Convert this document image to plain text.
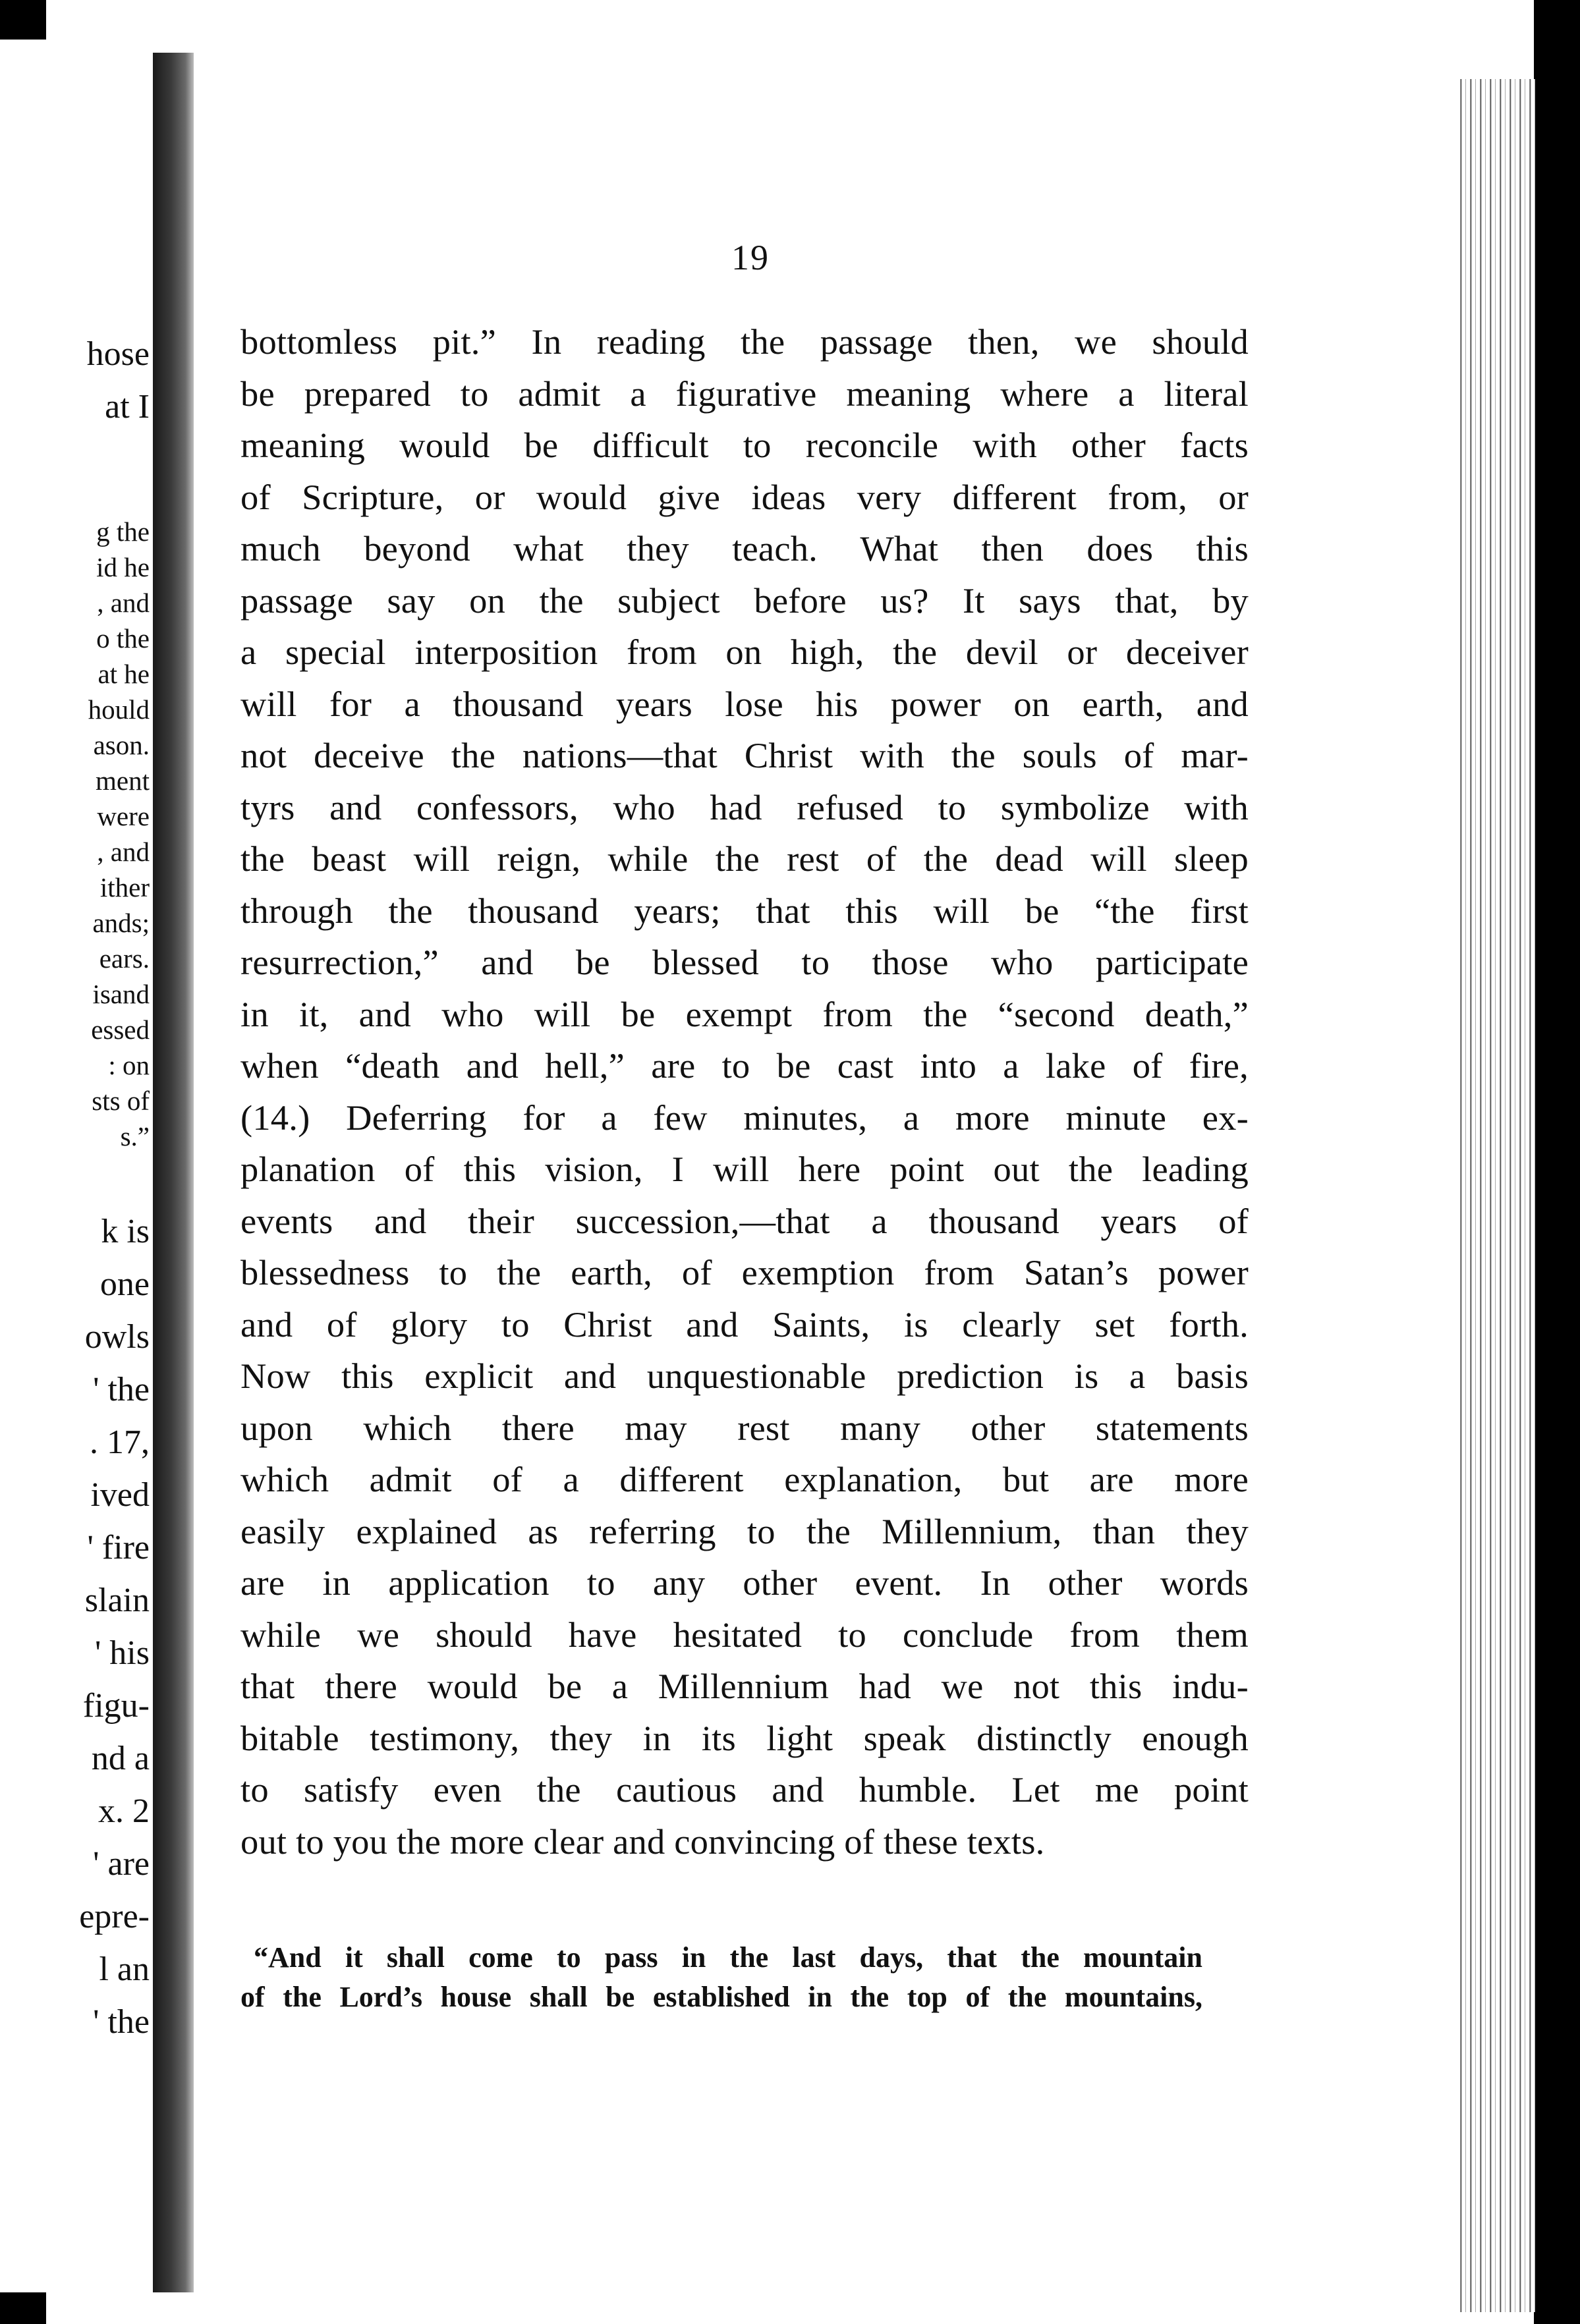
hose
at I
g the
id he
, and
o the
at he
hould
ason.
ment
were
, and
ither
ands;
ears.
isand
essed
: on
sts of
s.”
k is
one
owls
' the
. 17,
ived
' fire
slain
' his
figu-
nd a
x. 2
' are
epre-
l an
' the
19
bottomless pit.” In reading the passage then, we should
be prepared to admit a figurative meaning where a literal
meaning would be difficult to reconcile with other facts
of Scripture, or would give ideas very different from, or
much beyond what they teach. What then does this
passage say on the subject before us? It says that, by
a special interposition from on high, the devil or deceiver
will for a thousand years lose his power on earth, and
not deceive the nations—that Christ with the souls of mar-
tyrs and confessors, who had refused to symbolize with
the beast will reign, while the rest of the dead will sleep
through the thousand years; that this will be “the first
resurrection,” and be blessed to those who participate
in it, and who will be exempt from the “second death,”
when “death and hell,” are to be cast into a lake of fire,
(14.) Deferring for a few minutes, a more minute ex-
planation of this vision, I will here point out the leading
events and their succession,—that a thousand years of
blessedness to the earth, of exemption from Satan’s power
and of glory to Christ and Saints, is clearly set forth.
Now this explicit and unquestionable prediction is a basis
upon which there may rest many other statements
which admit of a different explanation, but are more
easily explained as referring to the Millennium, than they
are in application to any other event. In other words
while we should have hesitated to conclude from them
that there would be a Millennium had we not this indu-
bitable testimony, they in its light speak distinctly enough
to satisfy even the cautious and humble. Let me point
out to you the more clear and convincing of these texts.
“And it shall come to pass in the last days, that the mountain
of the Lord’s house shall be established in the top of the mountains,
